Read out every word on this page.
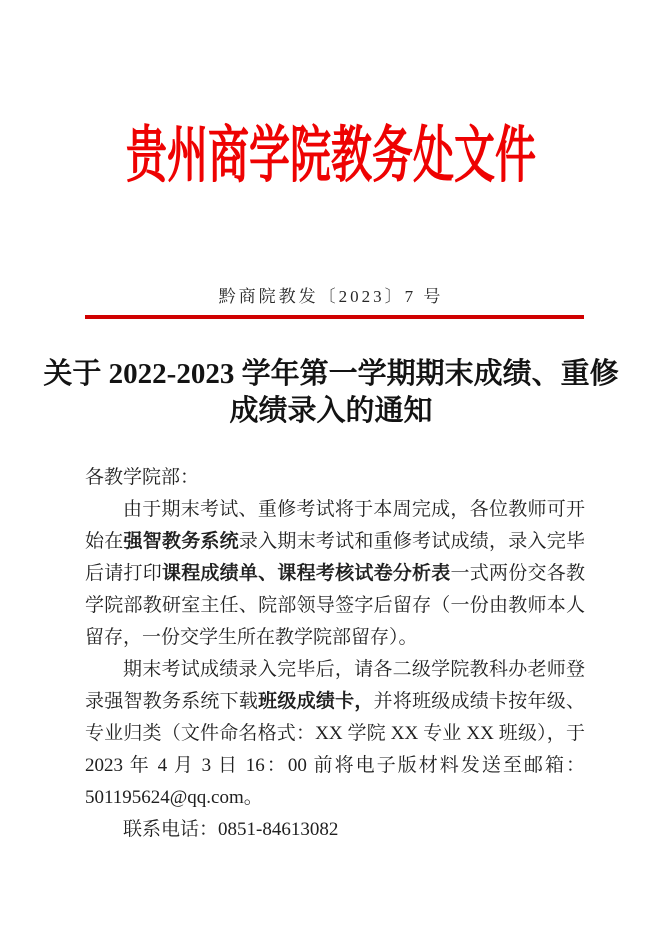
贵州商学院教务处文件
黔商院教发〔2023〕7 号
关于 2022-2023 学年第一学期期末成绩、重修
成绩录入的通知

各教学院部：

由于期末考试、重修考试将于本周完成，各位教师可开始在强智教务系统录入期末考试和重修考试成绩，录入完毕后请打印课程成绩单、课程考核试卷分析表一式两份交各教学院部教研室主任、院部领导签字后留存（一份由教师本人留存，一份交学生所在教学院部留存）。

期末考试成绩录入完毕后，请各二级学院教科办老师登录强智教务系统下载班级成绩卡，并将班级成绩卡按年级、专业归类（文件命名格式：XX 学院 XX 专业 XX 班级），于 2023 年 4 月 3 日 16：00 前将电子版材料发送至邮箱：501195624@qq.com。

联系电话：0851-84613082
